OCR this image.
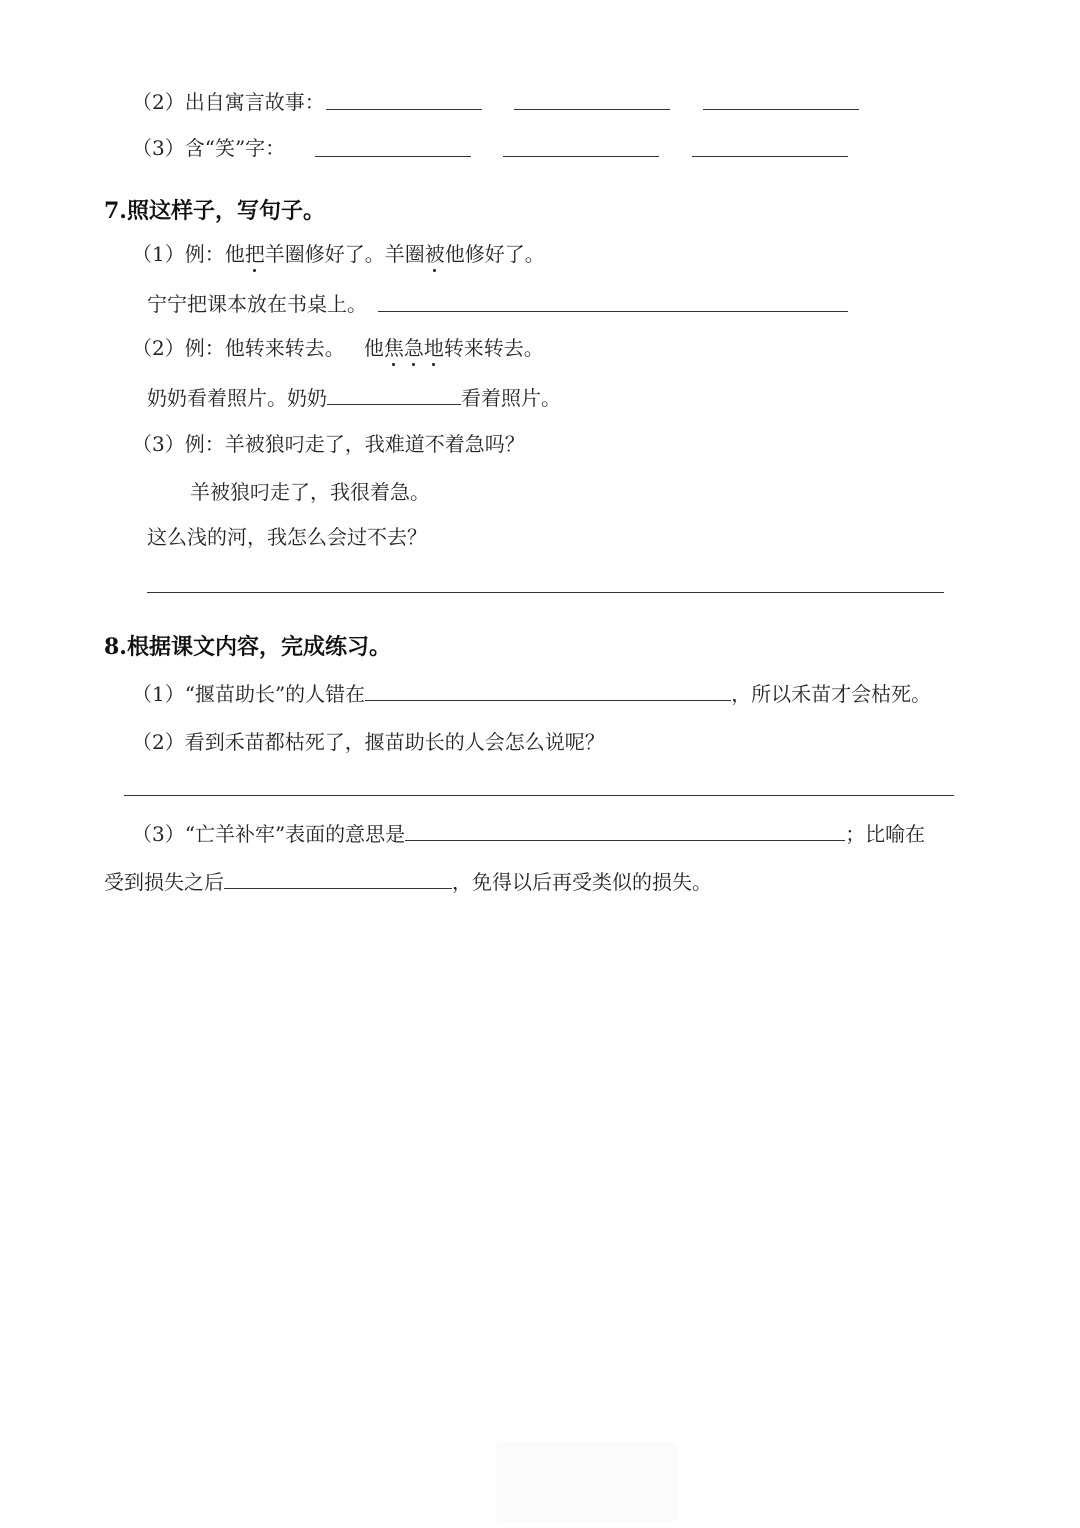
（2）出自寓言故事：
（3）含“笑”字：
7.照这样子，写句子。
（1）例：他把羊圈修好了。羊圈被他修好了。
宁宁把课本放在书桌上。
（2）例：他转来转去。 他焦急地转来转去。
奶奶看着照片。奶奶	看着照片。
（3）例：羊被狼叼走了，我难道不着急吗？
羊被狼叼走了，我很着急。
这么浅的河，我怎么会过不去？
8.根据课文内容，完成练习。
（1）“揠苗助长”的人错在	，所以禾苗才会枯死。
（2）看到禾苗都枯死了，揠苗助长的人会怎么说呢？
（3）“亡羊补牢”表面的意思是	；比喻在
受到损失之后	，免得以后再受类似的损失。
